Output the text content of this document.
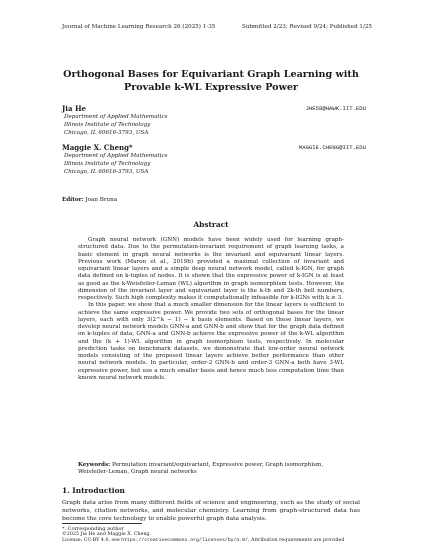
Journal of Machine Learning Research 26 (2025) 1-35	Submitted 2/23; Revised 9/24; Published 1/25
Orthogonal Bases for Equivariant Graph Learning with
Provable k-WL Expressive Power
Jia He	JHE58@HAWK.IIT.EDU
Department of Applied Mathematics
Illinois Institute of Technology
Chicago, IL 60616-3793, USA
Maggie X. Cheng*	MAGGIE.CHENG@IIT.EDU
Department of Applied Mathematics
Illinois Institute of Technology
Chicago, IL 60616-3793, USA
Editor: Joan Bruna
Abstract

Graph neural network (GNN) models have been widely used for learning graph-structured data. Due to the permutation-invariant requirement of graph learning tasks, a basic element in graph neural networks is the invariant and equivariant linear layers. Previous work (Maron et al., 2019b) provided a maximal collection of invariant and equivariant linear layers and a simple deep neural network model, called k-IGN, for graph data defined on k-tuples of nodes. It is shown that the expressive power of k-IGN is at least as good as the k-Weisfeiler-Leman (WL) algorithm in graph isomorphism tests. However, the dimension of the invariant layer and equivariant layer is the k-th and 2k-th bell numbers, respectively. Such high complexity makes it computationally infeasible for k-IGNs with k ≥ 3.

In this paper, we show that a much smaller dimension for the linear layers is sufficient to achieve the same expressive power. We provide two sets of orthogonal bases for the linear layers, each with only 3(2^k − 1) − k basis elements. Based on these linear layers, we develop neural network models GNN-a and GNN-b and show that for the graph data defined on k-tuples of data, GNN-a and GNN-b achieve the expressive power of the k-WL algorithm and the (k + 1)-WL algorithm in graph isomorphism tests, respectively. In molecular prediction tasks on benchmark datasets, we demonstrate that low-order neural network models consisting of the proposed linear layers achieve better performance than other neural network models. In particular, order-2 GNN-b and order-3 GNN-a both have 3-WL expressive power, but use a much smaller basis and hence much less computation time than known neural network models.

Keywords: Permutation invariant/equivariant, Expressive power, Graph isomorphism, Weisfeiler-Leman, Graph neural networks
1. Introduction
Graph data arise from many different fields of science and engineering, such as the study of social networks, citation networks, and molecular chemistry. Learning from graph-structured data has become the core technology to enable powerful graph data analysis.
*. Corresponding author
©2025 Jia He and Maggie X. Cheng.
License: CC-BY 4.0, see https://creativecommons.org/licenses/by/4.0/. Attribution requirements are provided
